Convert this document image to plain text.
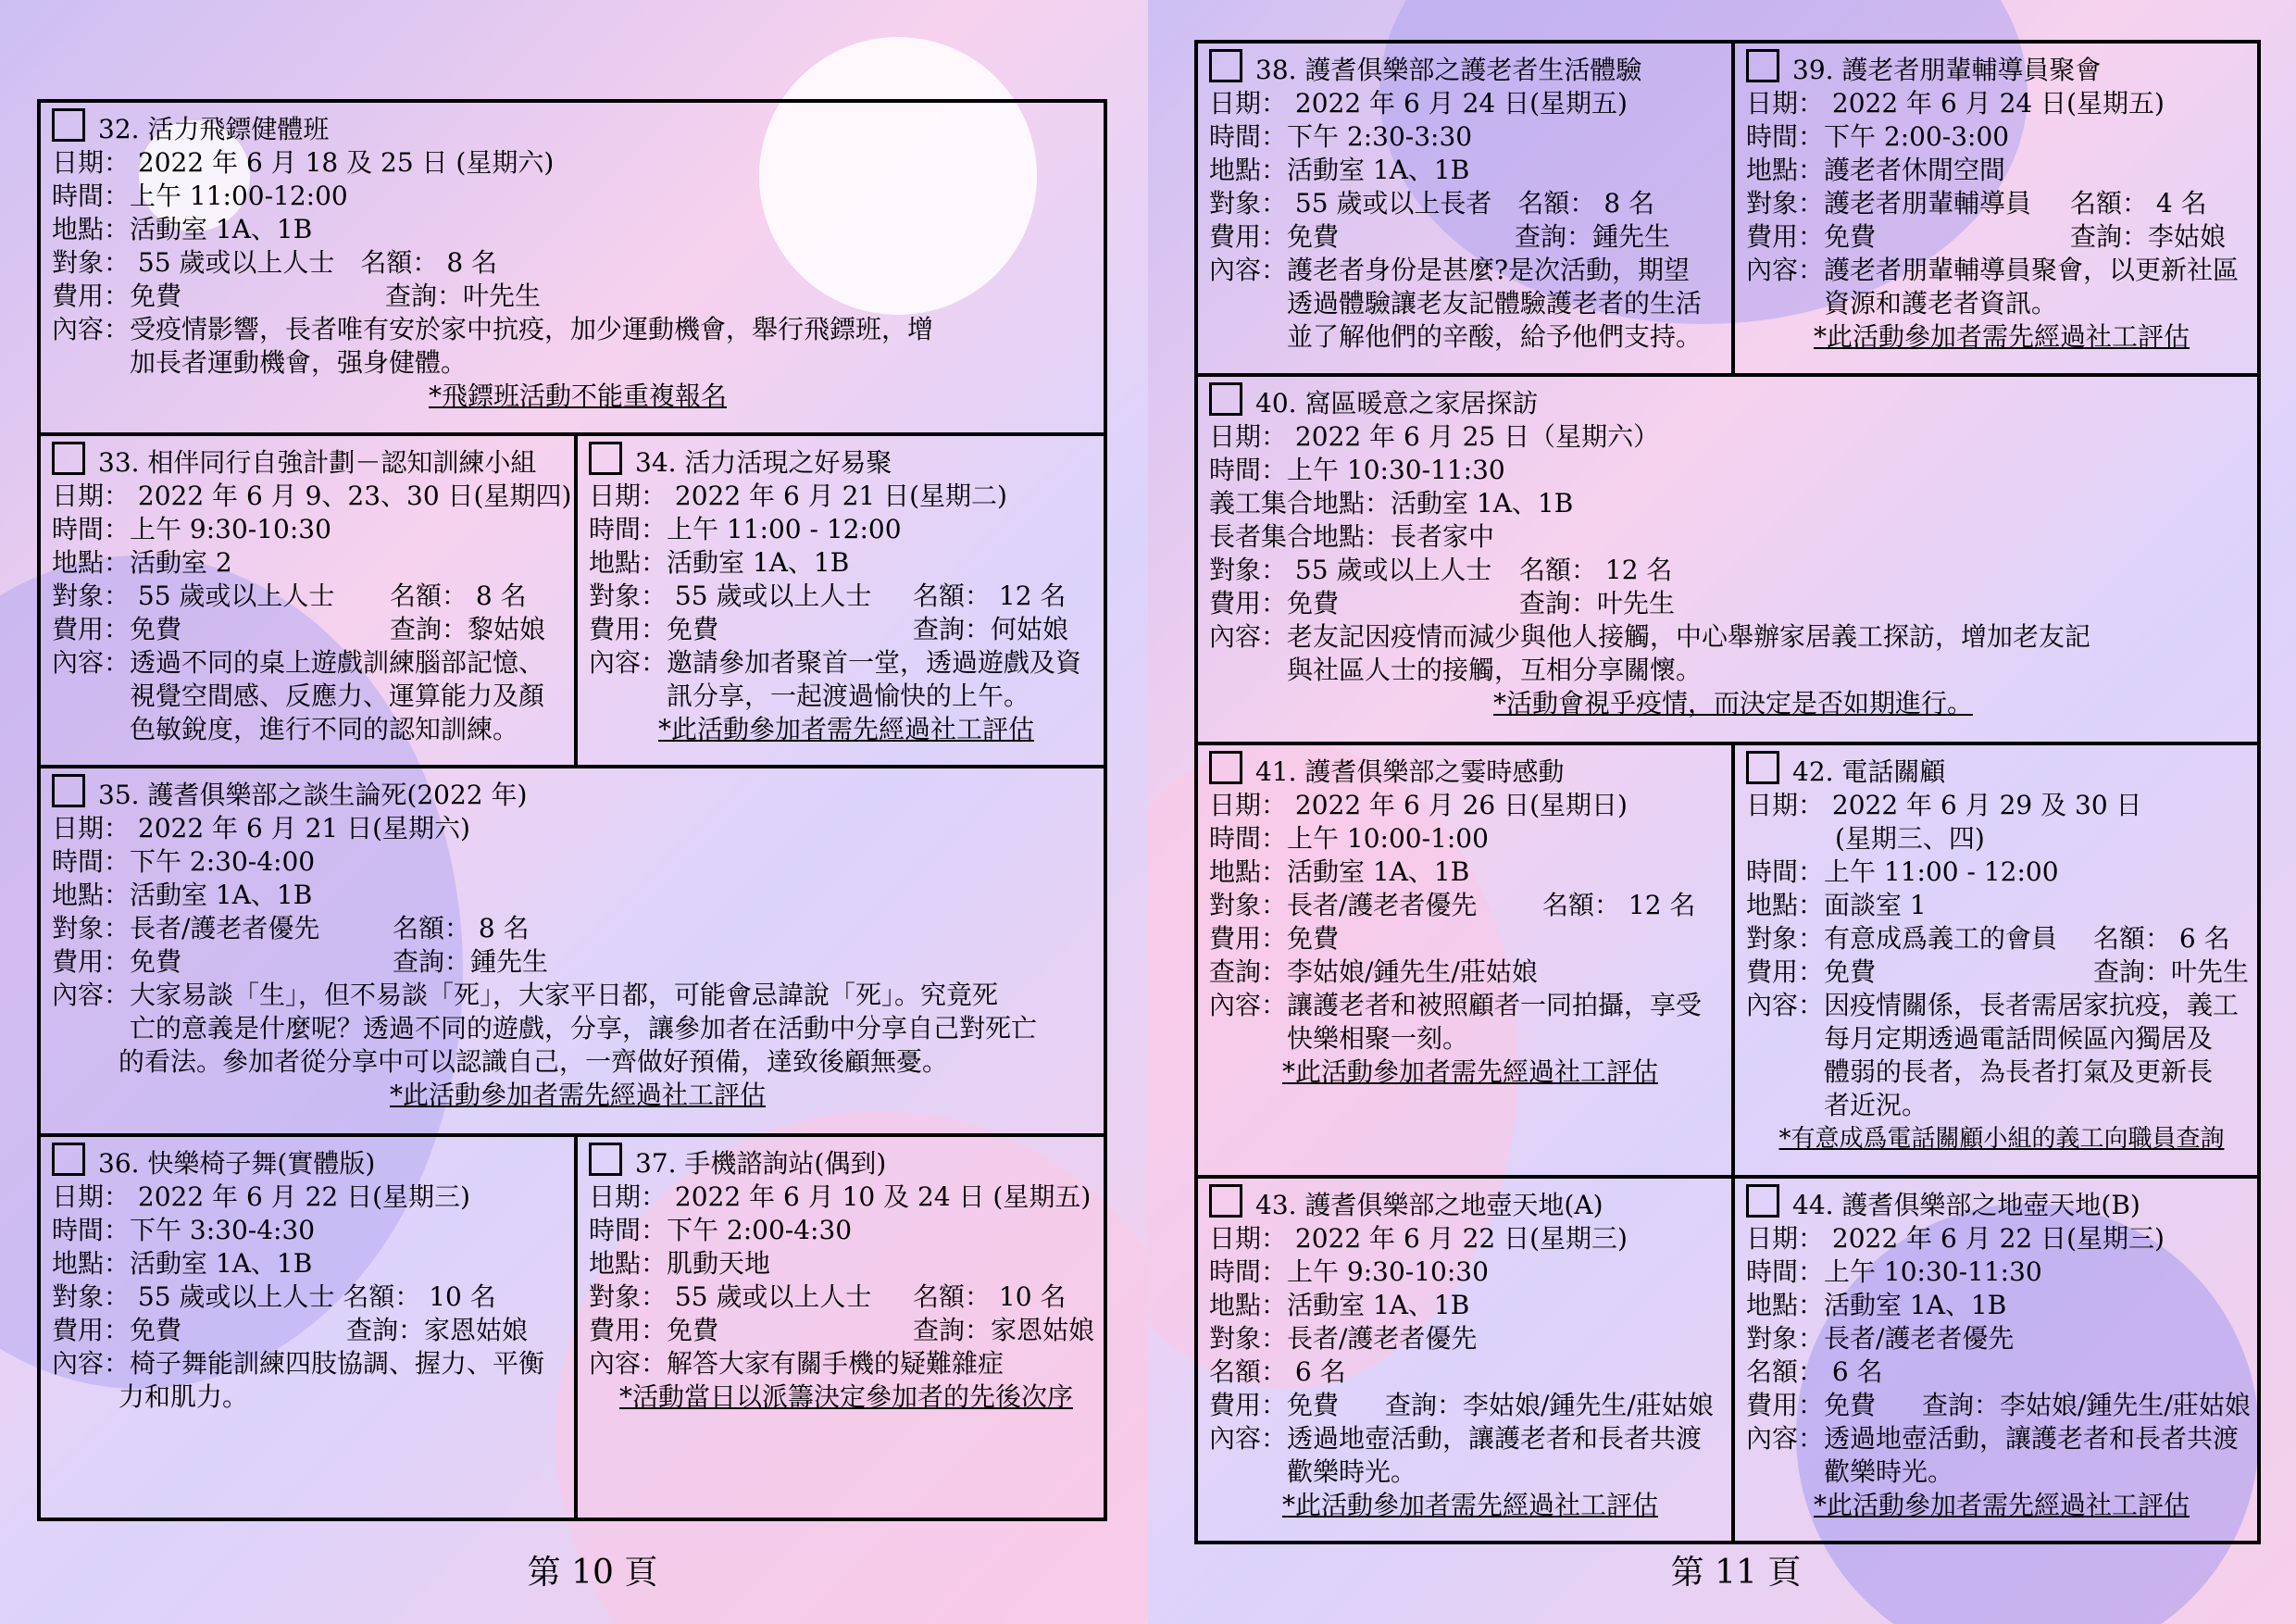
32. 活力飛鏢健體班
日期： 2022 年 6 月 18 及 25 日 (星期六)
時間：上午 11:00-12:00
地點：活動室 1A、1B
對象： 55 歲或以上人士　名額： 8 名
費用：免費	查詢：叶先生
內容：受疫情影響，長者唯有安於家中抗疫，加少運動機會，舉行飛鏢班，增
加長者運動機會，强身健體。
*飛鏢班活動不能重複報名
33. 相伴同行自強計劃－認知訓練小組
日期： 2022 年 6 月 9、23、30 日(星期四)
時間：上午 9:30-10:30
地點：活動室 2
對象： 55 歲或以上人士 名額： 8 名
費用：免費	查詢：黎姑娘
內容：透過不同的桌上遊戲訓練腦部記憶、
視覺空間感、反應力、運算能力及顏
色敏銳度，進行不同的認知訓練。
34. 活力活現之好易聚
日期： 2022 年 6 月 21 日(星期二)
時間：上午 11:00 - 12:00
地點：活動室 1A、1B
對象： 55 歲或以上人士 名額： 12 名
費用：免費	查詢：何姑娘
內容：邀請參加者聚首一堂，透過遊戲及資
訊分享，一起渡過愉快的上午。
*此活動參加者需先經過社工評估
35. 護耆俱樂部之談生論死(2022 年)
日期： 2022 年 6 月 21 日(星期六)
時間：下午 2:30-4:00
地點：活動室 1A、1B
對象：長者/護老者優先	名額： 8 名
費用：免費	查詢：鍾先生
內容：大家易談「生」，但不易談「死」，大家平日都，可能會忌諱說「死」。究竟死
亡的意義是什麼呢？透過不同的遊戲，分享，讓參加者在活動中分享自己對死亡
的看法。參加者從分享中可以認識自己，一齊做好預備，達致後顧無憂。
*此活動參加者需先經過社工評估
36. 快樂椅子舞(實體版)
日期： 2022 年 6 月 22 日(星期三)
時間：下午 3:30-4:30
地點：活動室 1A、1B
對象： 55 歲或以上人士 名額： 10 名
費用：免費	查詢：家恩姑娘
內容：椅子舞能訓練四肢協調、握力、平衡
力和肌力。
37. 手機諮詢站(偶到)
日期： 2022 年 6 月 10 及 24 日 (星期五)
時間：下午 2:00-4:30
地點：肌動天地
對象： 55 歲或以上人士 名額： 10 名
費用：免費	查詢：家恩姑娘
內容：解答大家有關手機的疑難雜症
*活動當日以派籌決定參加者的先後次序
第 10 頁
38. 護耆俱樂部之護老者生活體驗
日期： 2022 年 6 月 24 日(星期五)
時間：下午 2:30-3:30
地點：活動室 1A、1B
對象： 55 歲或以上長者　名額： 8 名
費用：免費	查詢：鍾先生
內容：護老者身份是甚麼?是次活動，期望
透過體驗讓老友記體驗護老者的生活
並了解他們的辛酸，給予他們支持。
39. 護老者朋輩輔導員聚會
日期： 2022 年 6 月 24 日(星期五)
時間：下午 2:00-3:00
地點：護老者休閒空間
對象：護老者朋輩輔導員 名額： 4 名
費用：免費	查詢：李姑娘
內容：護老者朋輩輔導員聚會，以更新社區
資源和護老者資訊。
*此活動參加者需先經過社工評估
40. 窩區暖意之家居探訪
日期： 2022 年 6 月 25 日（星期六）
時間：上午 10:30-11:30
義工集合地點：活動室 1A、1B
長者集合地點：長者家中
對象： 55 歲或以上人士 名額： 12 名
費用：免費	查詢：叶先生
內容：老友記因疫情而減少與他人接觸，中心舉辦家居義工探訪，增加老友記
與社區人士的接觸，互相分享關懷。
*活動會視乎疫情，而決定是否如期進行。
41. 護耆俱樂部之霎時感動
日期： 2022 年 6 月 26 日(星期日)
時間：上午 10:00-1:00
地點：活動室 1A、1B
對象：長者/護老者優先	名額： 12 名
費用：免費
查詢：李姑娘/鍾先生/莊姑娘
內容：讓護老者和被照顧者一同拍攝，享受
快樂相聚一刻。
*此活動參加者需先經過社工評估
42. 電話關顧
日期： 2022 年 6 月 29 及 30 日
(星期三、四)
時間：上午 11:00 - 12:00
地點：面談室 1
對象：有意成爲義工的會員 名額： 6 名
費用：免費	查詢：叶先生
內容：因疫情關係，長者需居家抗疫，義工
每月定期透過電話問候區內獨居及
體弱的長者，為長者打氣及更新長
者近況。
*有意成爲電話關顧小組的義工向職員查詢
43. 護耆俱樂部之地壺天地(A)
日期： 2022 年 6 月 22 日(星期三)
時間：上午 9:30-10:30
地點：活動室 1A、1B
對象：長者/護老者優先
名額： 6 名
費用：免費 查詢：李姑娘/鍾先生/莊姑娘
內容：透過地壺活動，讓護老者和長者共渡
歡樂時光。
*此活動參加者需先經過社工評估
44. 護耆俱樂部之地壺天地(B)
日期： 2022 年 6 月 22 日(星期三)
時間：上午 10:30-11:30
地點：活動室 1A、1B
對象：長者/護老者優先
名額： 6 名
費用：免費 查詢：李姑娘/鍾先生/莊姑娘
內容：透過地壺活動，讓護老者和長者共渡
歡樂時光。
*此活動參加者需先經過社工評估
第 11 頁
